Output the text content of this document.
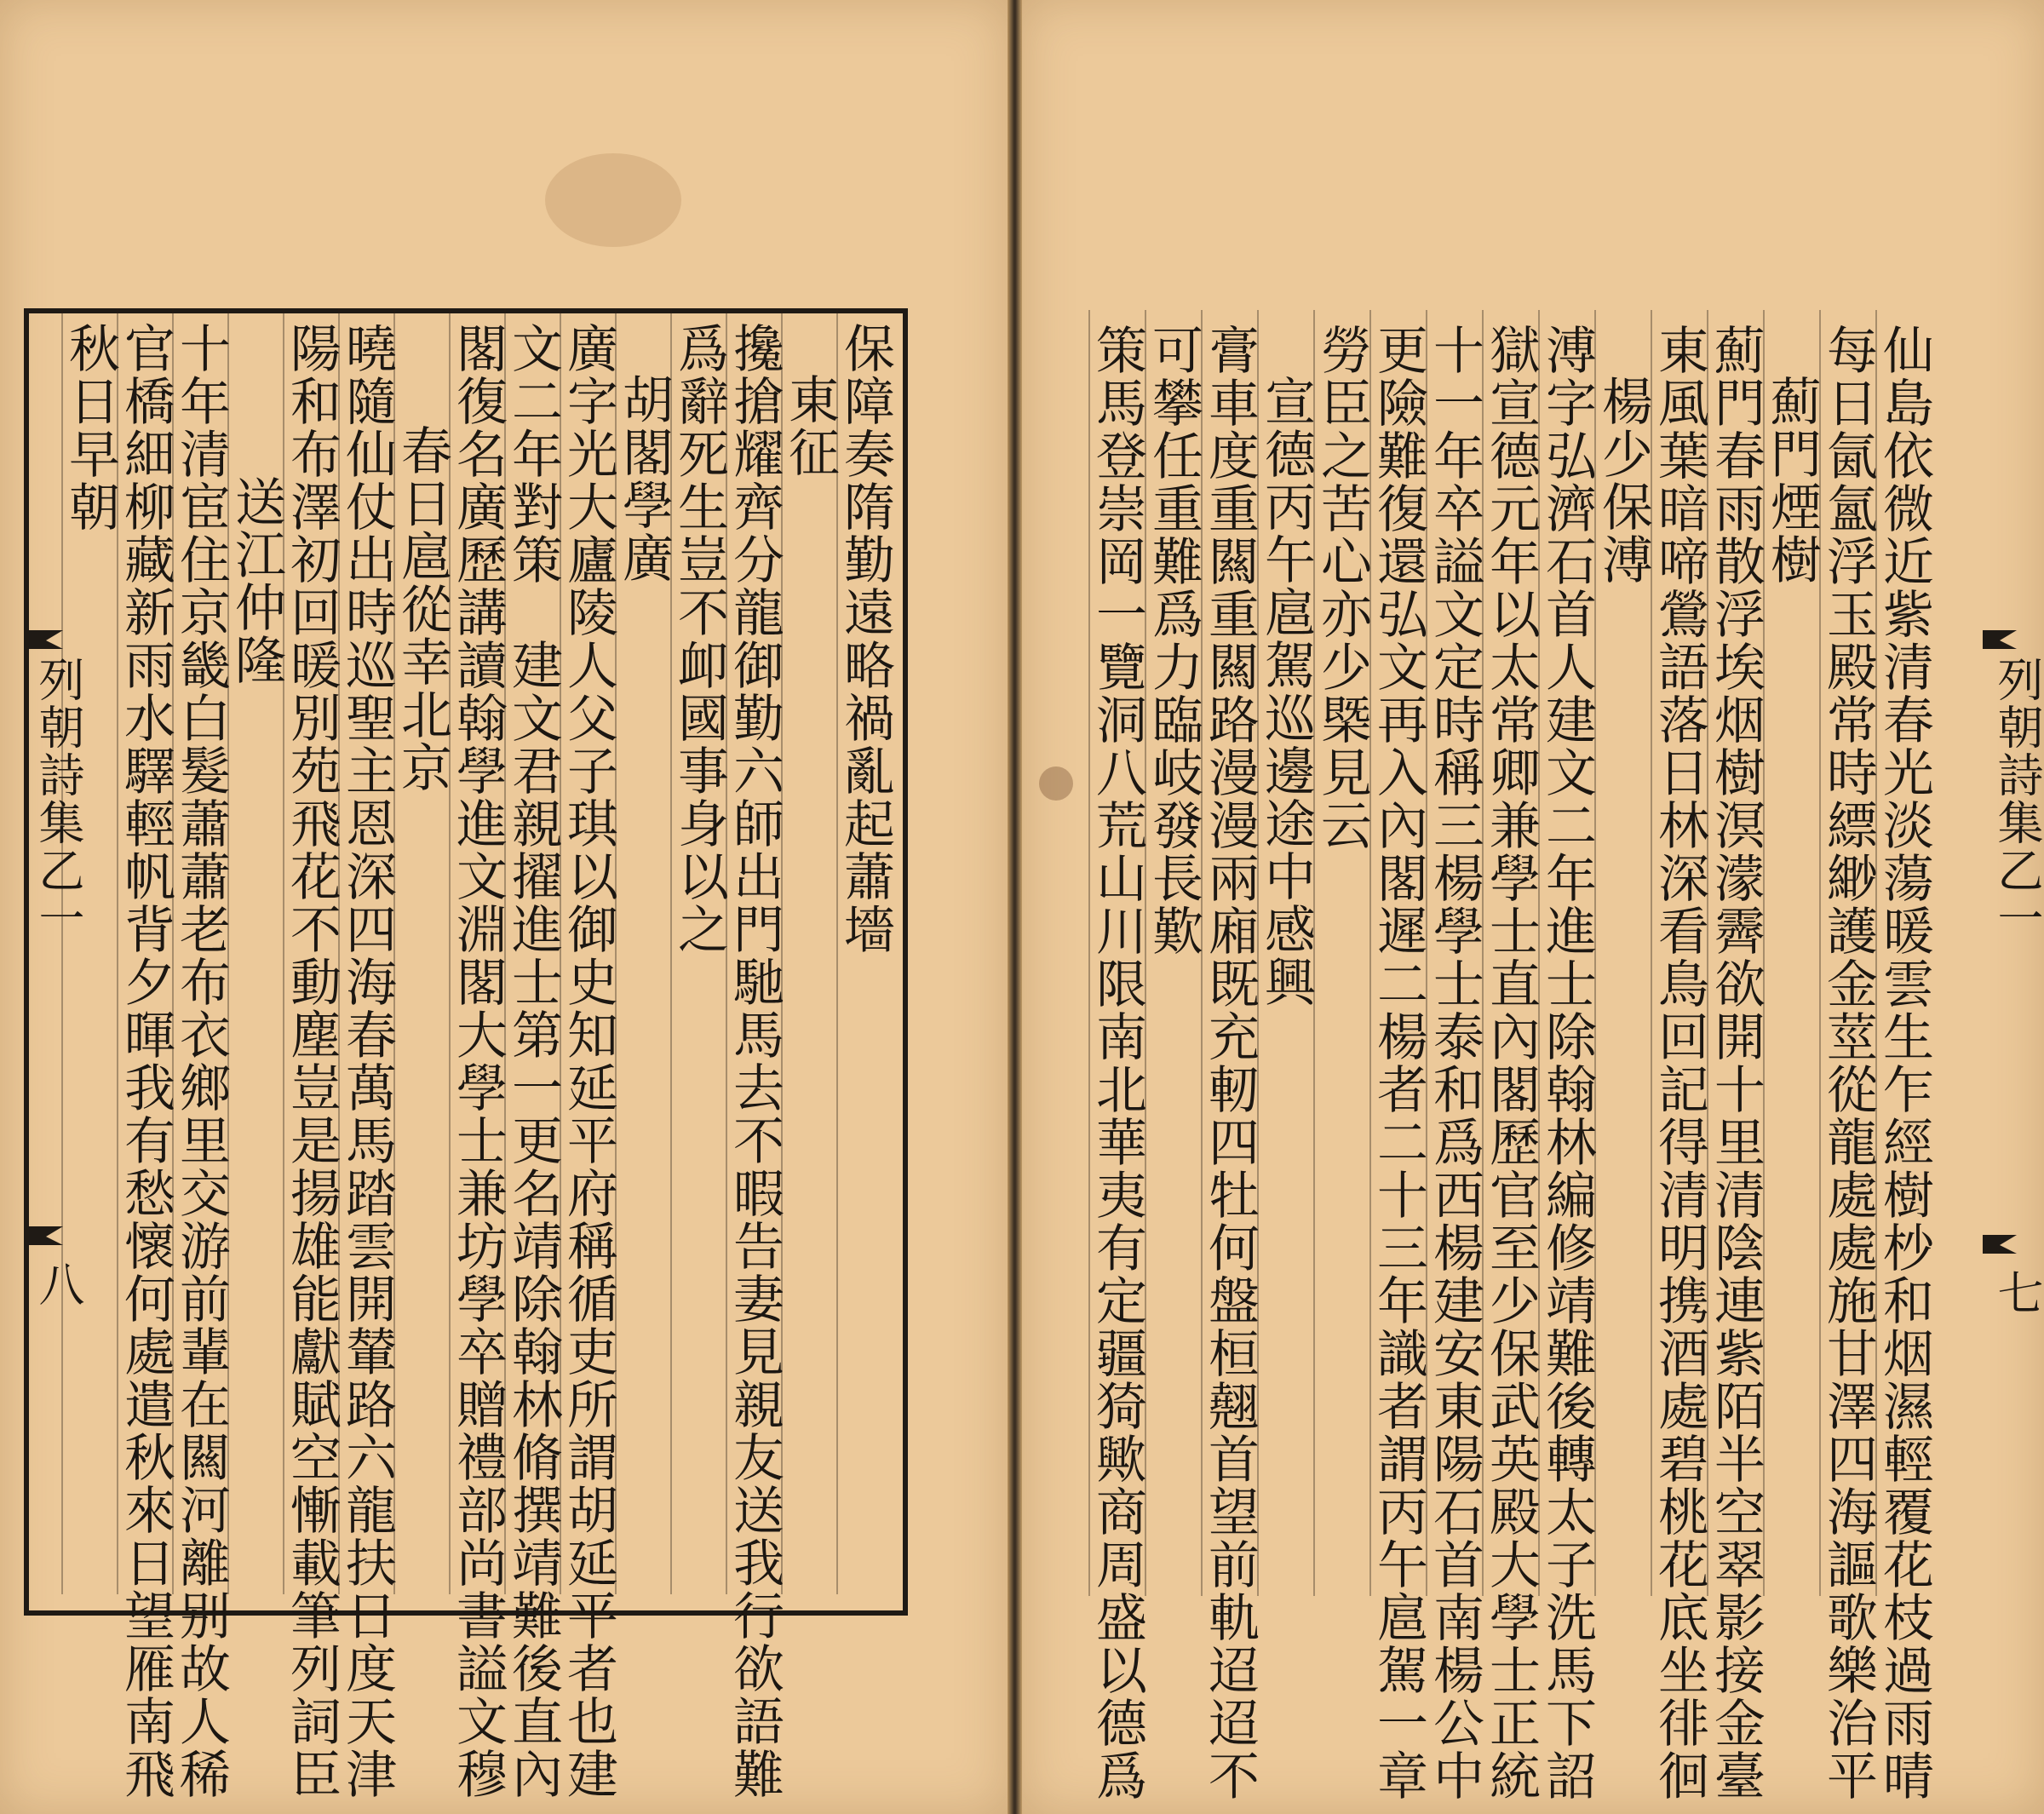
保障奏隋勤遠略禍亂起蕭墻
東征
攙搶耀齊分龍御勤六師出門馳馬去不暇告妻見親友送我行欲語難
爲辭死生豈不卹國事身以之
胡閣學廣
廣字光大廬陵人父子琪以御史知延平府稱循吏所謂胡延平者也建
文二年對策　建文君親擢進士第一更名靖除翰林脩撰靖難後直內
閣復名廣歷講讀翰學進文淵閣大學士兼坊學卒贈禮部尚書謚文穆
春日扈從幸北京
曉隨仙仗出時巡聖主恩深四海春萬馬踏雲開輦路六龍扶日度天津
陽和布澤初回暖別苑飛花不動塵豈是揚雄能獻賦空慚載筆列詞臣
送江仲隆
十年清宦住京畿白髮蕭蕭老布衣鄉里交游前輩在闗河離别故人稀
官橋細柳藏新雨水驛輕帆背夕暉我有愁懷何處遣秋來日望雁南飛
秋日早朝
列朝詩集乙一
八	仙島依微近紫清春光淡蕩暖雲生乍經樹杪和烟濕輕覆花枝過雨晴
每日氤氳浮玉殿常時縹緲護金莖從龍處處施甘澤四海謳歌樂治平
薊門煙樹
薊門春雨散浮埃烟樹溟濛霽欲開十里清陰連紫陌半空翠影接金臺
東風葉暗啼鶯語落日林深看鳥回記得清明携酒處碧桃花底坐徘徊
楊少保溥
溥字弘濟石首人建文二年進士除翰林編修靖難後轉太子洗馬下詔
獄宣德元年以太常卿兼學士直內閣歷官至少保武英殿大學士正統
十一年卒謚文定時稱三楊學士泰和爲西楊建安東陽石首南楊公中
更險難復還弘文再入內閣遲二楊者二十三年識者謂丙午扈駕一章
勞臣之苦心亦少槩見云
宣德丙午扈駕巡邊途中感興
膏車度重闗重闗路漫漫兩廂既充軔四牡何盤桓翹首望前軌迢迢不
可攀任重難爲力臨岐發長歎
策馬登崇岡一覽洞八荒山川限南北華夷有定疆猗歟商周盛以德爲	列朝詩集乙一
七
